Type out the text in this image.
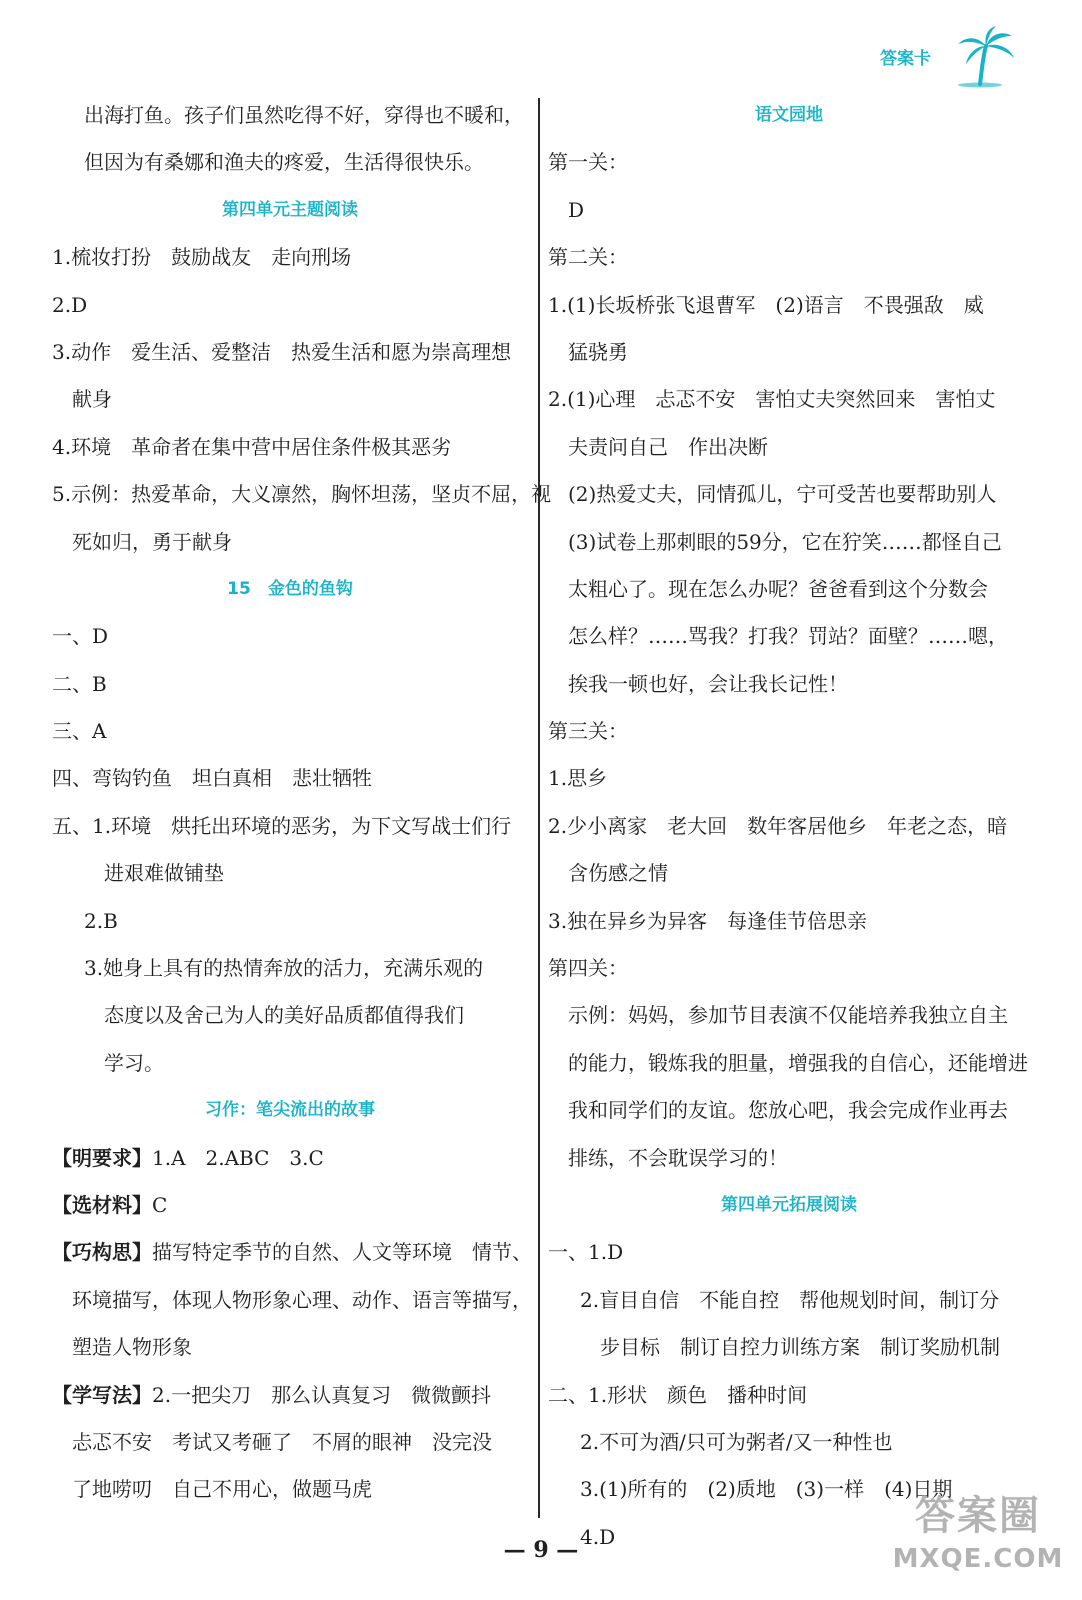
答案卡
出海打鱼。孩子们虽然吃得不好，穿得也不暖和，
但因为有桑娜和渔夫的疼爱，生活得很快乐。
第四单元主题阅读
1.梳妆打扮　鼓励战友　走向刑场
2.D
3.动作　爱生活、爱整洁　热爱生活和愿为崇高理想
献身
4.环境　革命者在集中营中居住条件极其恶劣
5.示例：热爱革命，大义凛然，胸怀坦荡，坚贞不屈，视
死如归，勇于献身
15　金色的鱼钩
一、D
二、B
三、A
四、弯钩钓鱼　坦白真相　悲壮牺牲
五、1.环境　烘托出环境的恶劣，为下文写战士们行
进艰难做铺垫
2.B
3.她身上具有的热情奔放的活力，充满乐观的
态度以及舍己为人的美好品质都值得我们
学习。
习作：笔尖流出的故事
【明要求】1.A　2.ABC　3.C
【选材料】C
【巧构思】描写特定季节的自然、人文等环境　情节、
环境描写，体现人物形象心理、动作、语言等描写，
塑造人物形象
【学写法】2.一把尖刀　那么认真复习　微微颤抖
忐忑不安　考试又考砸了　不屑的眼神　没完没
了地唠叨　自己不用心，做题马虎
语文园地
第一关：
D
第二关：
1.(1)长坂桥张飞退曹军　(2)语言　不畏强敌　威
猛骁勇
2.(1)心理　忐忑不安　害怕丈夫突然回来　害怕丈
夫责问自己　作出决断
(2)热爱丈夫，同情孤儿，宁可受苦也要帮助别人
(3)试卷上那刺眼的59分，它在狞笑……都怪自己
太粗心了。现在怎么办呢？爸爸看到这个分数会
怎么样？……骂我？打我？罚站？面壁？……嗯，
挨我一顿也好，会让我长记性！
第三关：
1.思乡
2.少小离家　老大回　数年客居他乡　年老之态，暗
含伤感之情
3.独在异乡为异客　每逢佳节倍思亲
第四关：
示例：妈妈，参加节目表演不仅能培养我独立自主
的能力，锻炼我的胆量，增强我的自信心，还能增进
我和同学们的友谊。您放心吧，我会完成作业再去
排练，不会耽误学习的！
第四单元拓展阅读
一、1.D
2.盲目自信　不能自控　帮他规划时间，制订分
步目标　制订自控力训练方案　制订奖励机制
二、1.形状　颜色　播种时间
2.不可为酒/只可为粥者/又一种性也
3.(1)所有的　(2)质地　(3)一样　(4)日期
4.D
— 9 —
答案圈
MXQE.COM
